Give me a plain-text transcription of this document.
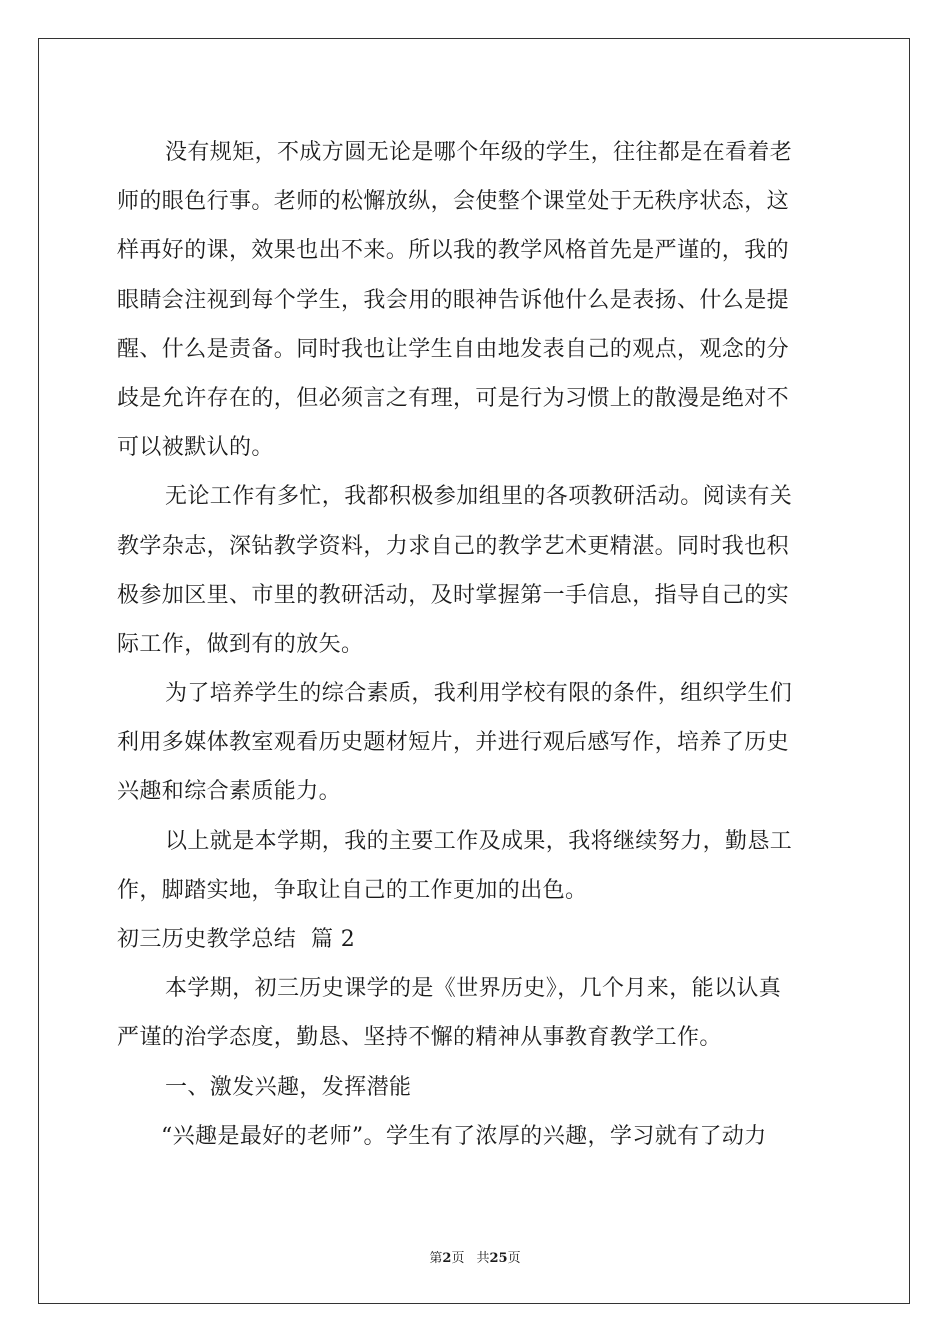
没有规矩，不成方圆无论是哪个年级的学生，往往都是在看着老
师的眼色行事。老师的松懈放纵，会使整个课堂处于无秩序状态，这
样再好的课，效果也出不来。所以我的教学风格首先是严谨的，我的
眼睛会注视到每个学生，我会用的眼神告诉他什么是表扬、什么是提
醒、什么是责备。同时我也让学生自由地发表自己的观点，观念的分
歧是允许存在的，但必须言之有理，可是行为习惯上的散漫是绝对不
可以被默认的。
无论工作有多忙，我都积极参加组里的各项教研活动。阅读有关
教学杂志，深钻教学资料，力求自己的教学艺术更精湛。同时我也积
极参加区里、市里的教研活动，及时掌握第一手信息，指导自己的实
际工作，做到有的放矢。
为了培养学生的综合素质，我利用学校有限的条件，组织学生们
利用多媒体教室观看历史题材短片，并进行观后感写作，培养了历史
兴趣和综合素质能力。
以上就是本学期，我的主要工作及成果，我将继续努力，勤恳工
作，脚踏实地，争取让自己的工作更加的出色。
初三历史教学总结  篇 2
本学期，初三历史课学的是《世界历史》，几个月来，能以认真
严谨的治学态度，勤恳、坚持不懈的精神从事教育教学工作。
一、激发兴趣，发挥潜能
“兴趣是最好的老师”。学生有了浓厚的兴趣，学习就有了动力
第2页 共25页
